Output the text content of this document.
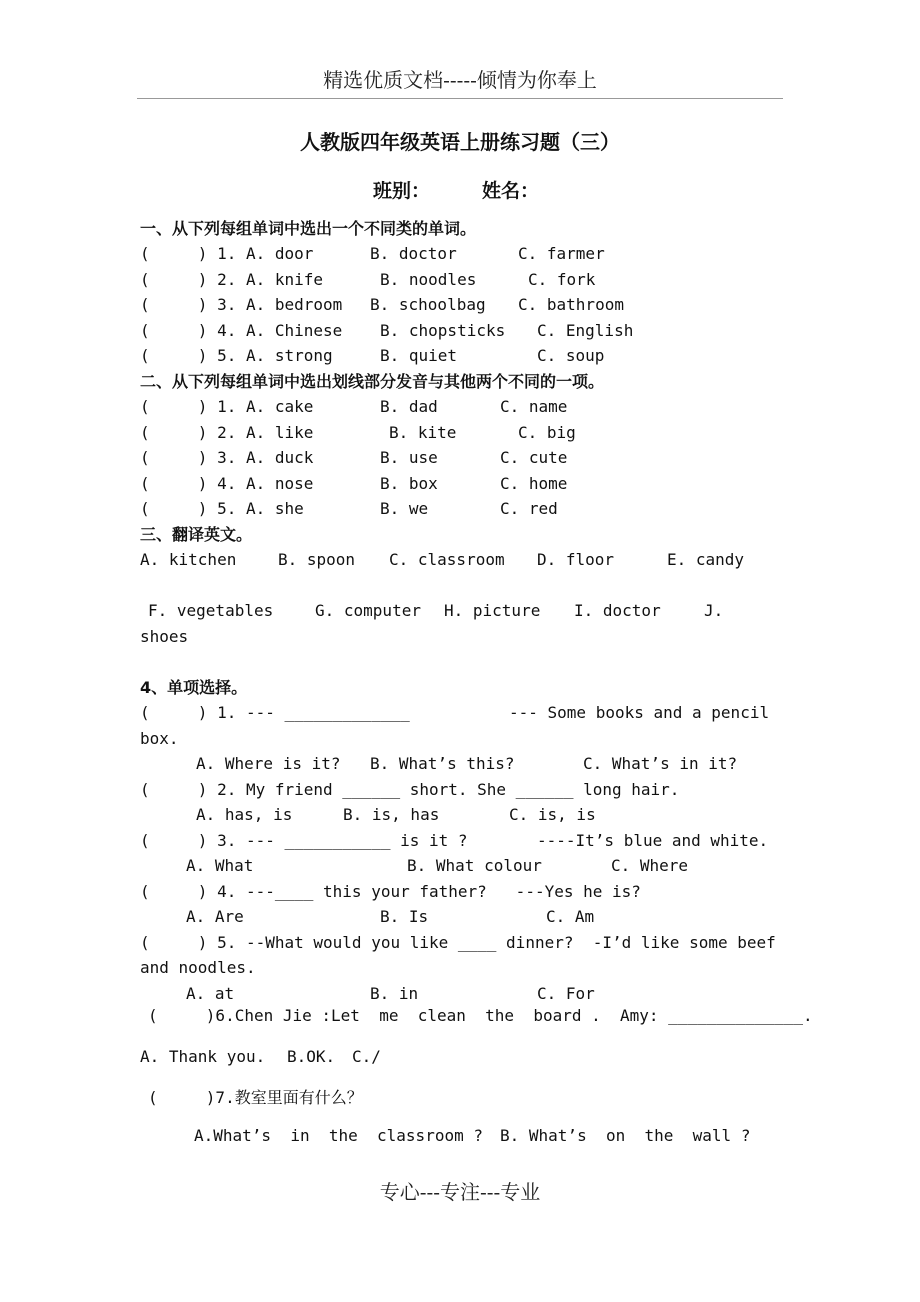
精选优质文档-----倾情为你奉上
人教版四年级英语上册练习题（三）
班别：	姓名：
一、从下列每组单词中选出一个不同类的单词。
(     ) 1. A. door	B. doctor	C. farmer
(     ) 2. A. knife	B. noodles	C. fork
(     ) 3. A. bedroom B. schoolbag C. bathroom
(     ) 4. A. Chinese B. chopsticks C. English
(     ) 5. A. strong	B. quiet	C. soup
二、从下列每组单词中选出划线部分发音与其他两个不同的一项。
(     ) 1. A. cake	B. dad	C. name
(     ) 2. A. like	B. kite	C. big
(     ) 3. A. duck	B. use	C. cute
(     ) 4. A. nose	B. box	C. home
(     ) 5. A. she	B. we	C. red
三、翻译英文。
A. kitchen	B. spoon C. classroom D. floor	E. candy
F. vegetables	G. computer H. picture I. doctor	J.
shoes
4、单项选择。
(     ) 1. --- _____________	--- Some books and a pencil
box.
A. Where is it? B. What’s this?	C. What’s in it?
(     ) 2. My friend ______ short. She ______ long hair.
A. has, is	B. is, has	C. is, is
(     ) 3. --- ___________ is it ?	----It’s blue and white.
A. What	B. What colour	C. Where
(     ) 4. ---____ this your father?   ---Yes he is?
A. Are	B. Is	C. Am
(     ) 5. --What would you like ____ dinner?  -I’d like some beef
and noodles.
A. at	B. in	C. For
(     )6.Chen Jie :Let  me  clean  the  board .  Amy: ______________.
A. Thank you. B.OK. C./
(     )7.教室里面有什么？
A.What’s  in  the  classroom ? B. What’s  on  the  wall ?
专心---专注---专业
